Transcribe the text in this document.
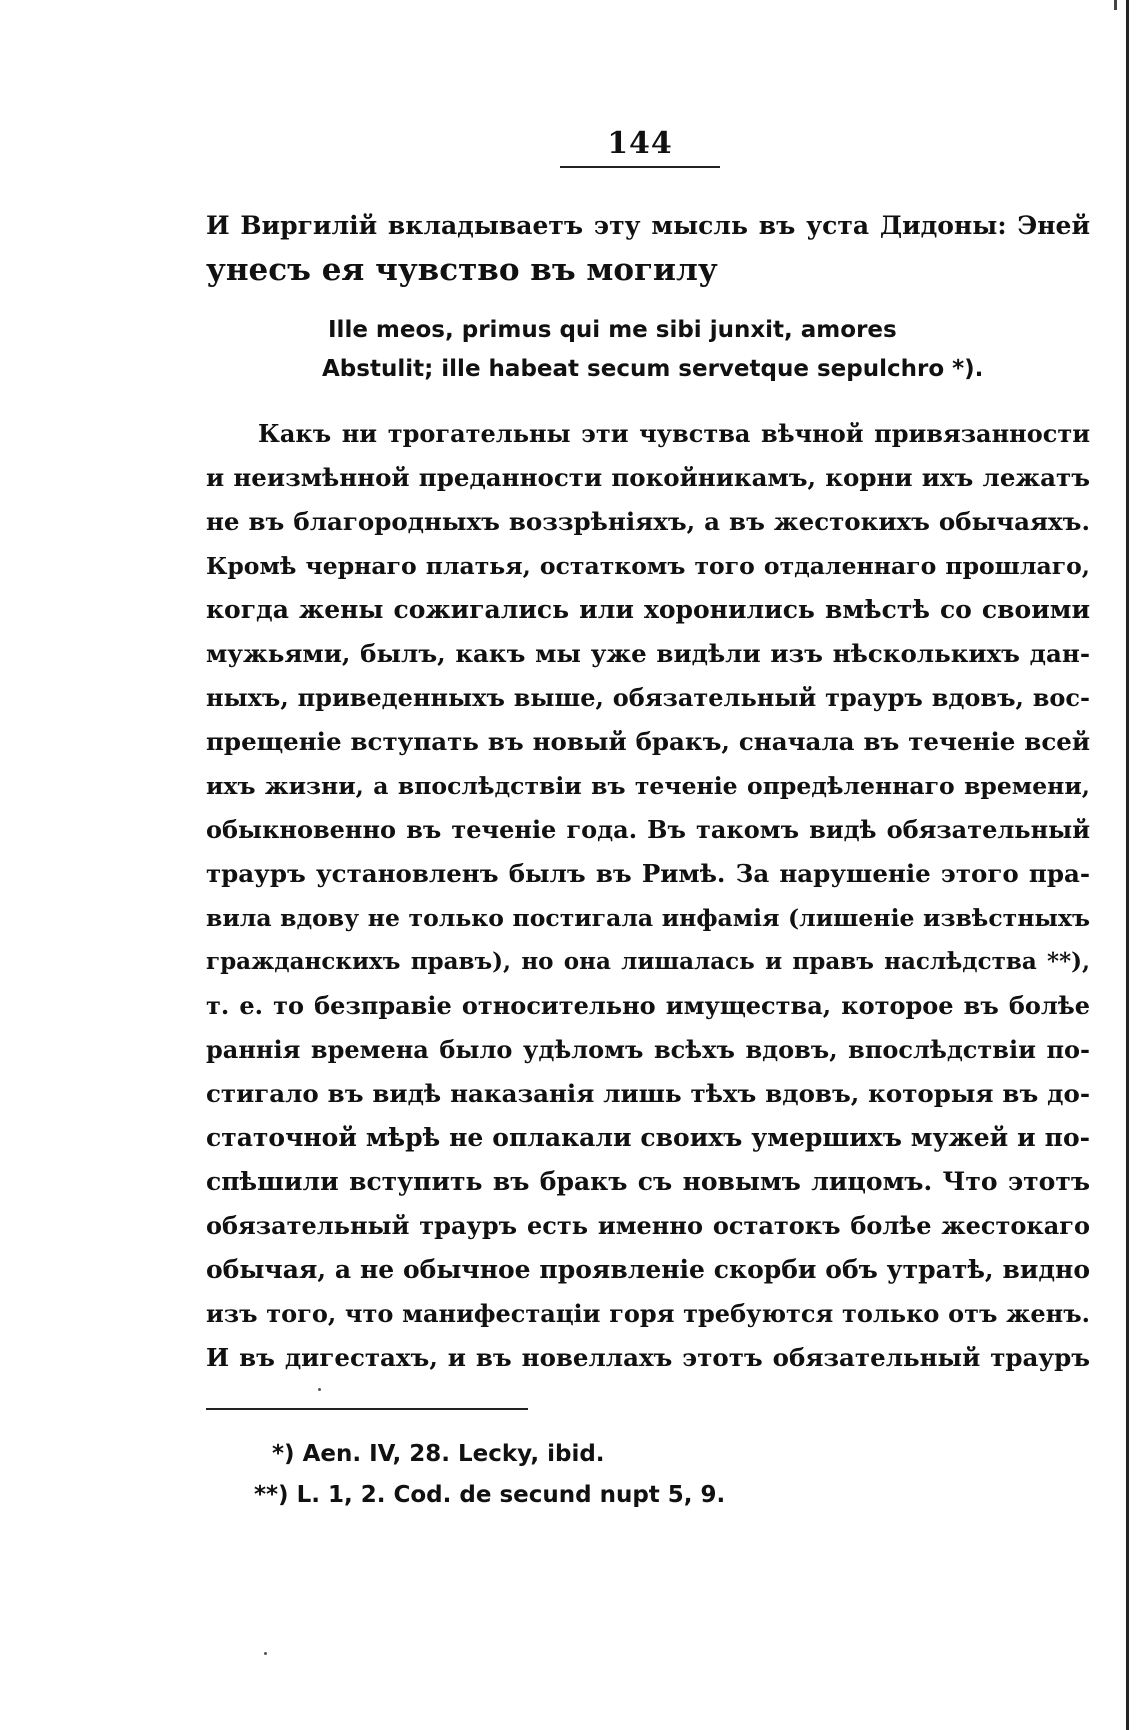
144
И Виргилій вкладываетъ эту мысль въ уста Дидоны: Эней
унесъ ея чувство въ могилу
Ille meos, primus qui me sibi junxit, amores
Abstulit; ille habeat secum servetque sepulchro *).
Какъ ни трогательны эти чувства вѣчной привязанности
и неизмѣнной преданности покойникамъ, корни ихъ лежатъ
не въ благородныхъ воззрѣніяхъ, а въ жестокихъ обычаяхъ.
Кромѣ чернаго платья, остаткомъ того отдаленнаго прошлаго,
когда жены сожигались или хоронились вмѣстѣ со своими
мужьями, былъ, какъ мы уже видѣли изъ нѣсколькихъ дан-
ныхъ, приведенныхъ выше, обязательный трауръ вдовъ, вос-
прещеніе вступать въ новый бракъ, сначала въ теченіе всей
ихъ жизни, а впослѣдствіи въ теченіе опредѣленнаго времени,
обыкновенно въ теченіе года. Въ такомъ видѣ обязательный
трауръ установленъ былъ въ Римѣ. За нарушеніе этого пра-
вила вдову не только постигала инфамія (лишеніе извѣстныхъ
гражданскихъ правъ), но она лишалась и правъ наслѣдства **),
т. е. то безправіе относительно имущества, которое въ болѣе
раннія времена было удѣломъ всѣхъ вдовъ, впослѣдствіи по-
стигало въ видѣ наказанія лишь тѣхъ вдовъ, которыя въ до-
статочной мѣрѣ не оплакали своихъ умершихъ мужей и по-
спѣшили вступить въ бракъ съ новымъ лицомъ. Что этотъ
обязательный трауръ есть именно остатокъ болѣе жестокаго
обычая, а не обычное проявленіе скорби объ утратѣ, видно
изъ того, что манифестаціи горя требуются только отъ женъ.
И въ дигестахъ, и въ новеллахъ этотъ обязательный трауръ
*) Aen. IV, 28. Lecky, ibid.
**) L. 1, 2. Cod. de secund nupt 5, 9.
